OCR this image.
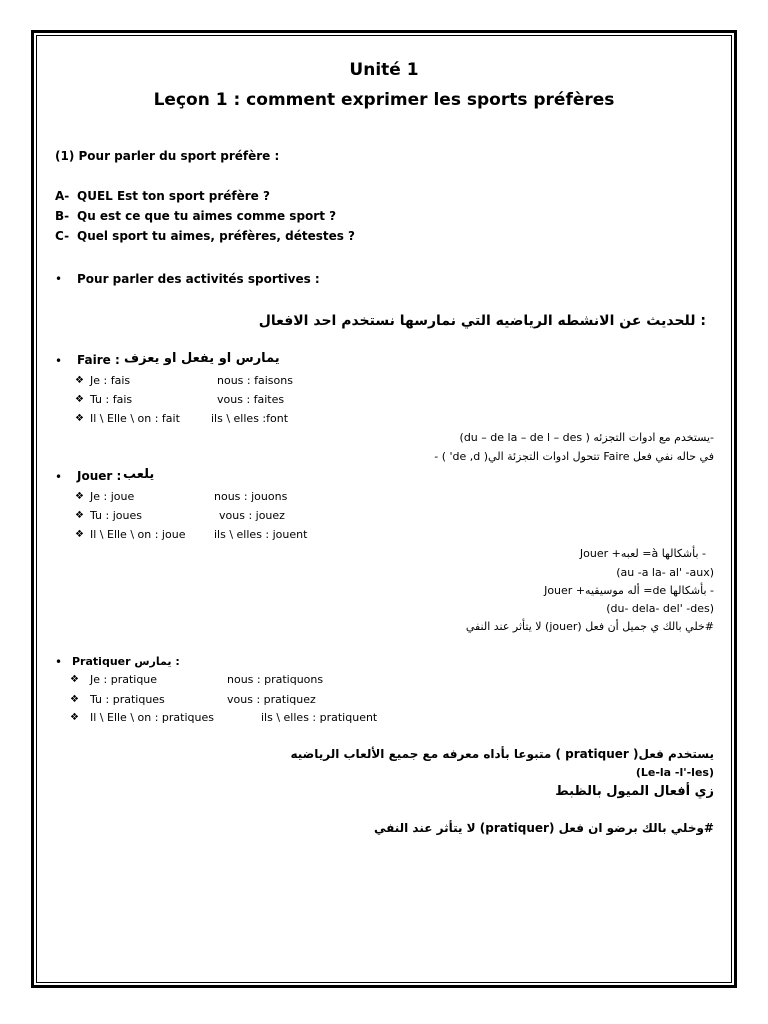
Unité 1
Leçon 1 : comment exprimer les sports préfères
(1) Pour parler du sport préfère :
A- QUEL Est ton sport préfère ?
B- Qu est ce que tu aimes comme sport ?
C- Quel sport tu aimes, préfères, détestes ?
• Pour parler des activités sportives :
: للحديث عن الانشطه الرياضيه التي نمارسها نستخدم احد الافعال
• Faire : يمارس او يفعل او يعزف
❖ Je : fais	nous : faisons
❖ Tu : fais	vous : faites
❖ Il \ Elle \ on : fait	ils \ elles :font
-يستخدم مع ادوات التجزئه ( du – de la – de l – des)
في حاله نفي فعل Faire تتحول ادوات التجزئة الي( de ,d' ) -
• Jouer : يلعب
❖ Je : joue	nous : jouons
❖ Tu : joues	vous : jouez
❖ Il \ Elle \ on : joue	ils \ elles : jouent
- بأشكالها à= لعبه+ Jouer
(au -a la- al' -aux)
- بأشكالها de= أله موسيقيه+ Jouer
(du- dela- del' -des)
#خلي بالك ي جميل أن فعل (jouer) لا يتأثر عند النفي
• Pratiquer يمارس :
❖ Je : pratique	nous : pratiquons
❖ Tu : pratiques	vous : pratiquez
❖ Il \ Elle \ on : pratiques	ils \ elles : pratiquent
يستخدم فعل( pratiquer ) متبوعا بأداه معرفه مع جميع الألعاب الرياضيه
(Le-la -l'-les)
زي أفعال الميول بالظبط
#وخلي بالك برضو ان فعل (pratiquer) لا يتأثر عند النفي
